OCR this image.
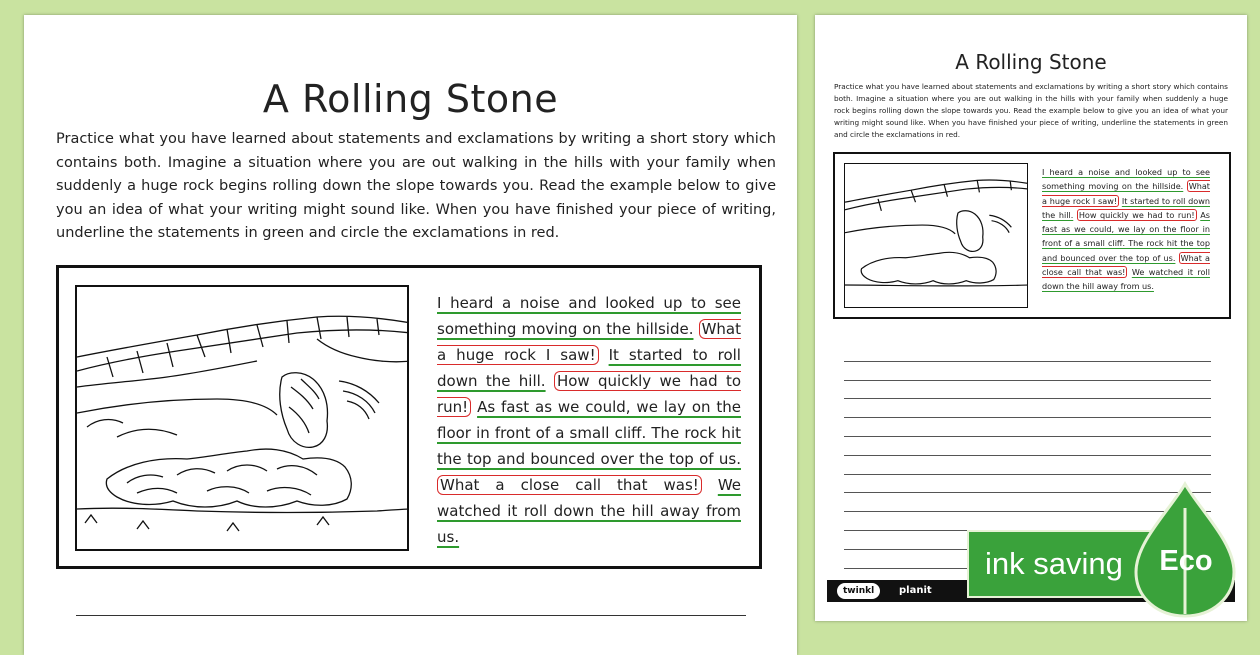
A Rolling Stone

Practice what you have learned about statements and exclamations by writing a short story which contains both. Imagine a situation where you are out walking in the hills with your family when suddenly a huge rock begins rolling down the slope towards you. Read the example below to give you an idea of what your writing might sound like. When you have finished your piece of writing, underline the statements in green and circle the exclamations in red.

I heard a noise and looked up to see something moving on the hillside. What a huge rock I saw! It started to roll down the hill. How quickly we had to run! As fast as we could, we lay on the floor in front of a small cliff. The rock hit the top and bounced over the top of us. What a close call that was! We watched it roll down the hill away from us.

A Rolling Stone

Practice what you have learned about statements and exclamations by writing a short story which contains both. Imagine a situation where you are out walking in the hills with your family when suddenly a huge rock begins rolling down the slope towards you. Read the example below to give you an idea of what your writing might sound like. When you have finished your piece of writing, underline the statements in green and circle the exclamations in red.

I heard a noise and looked up to see something moving on the hillside. What a huge rock I saw! It started to roll down the hill. How quickly we had to run! As fast as we could, we lay on the floor in front of a small cliff. The rock hit the top and bounced over the top of us. What a close call that was! We watched it roll down the hill away from us.

twinkl	planit
ink saving Eco
